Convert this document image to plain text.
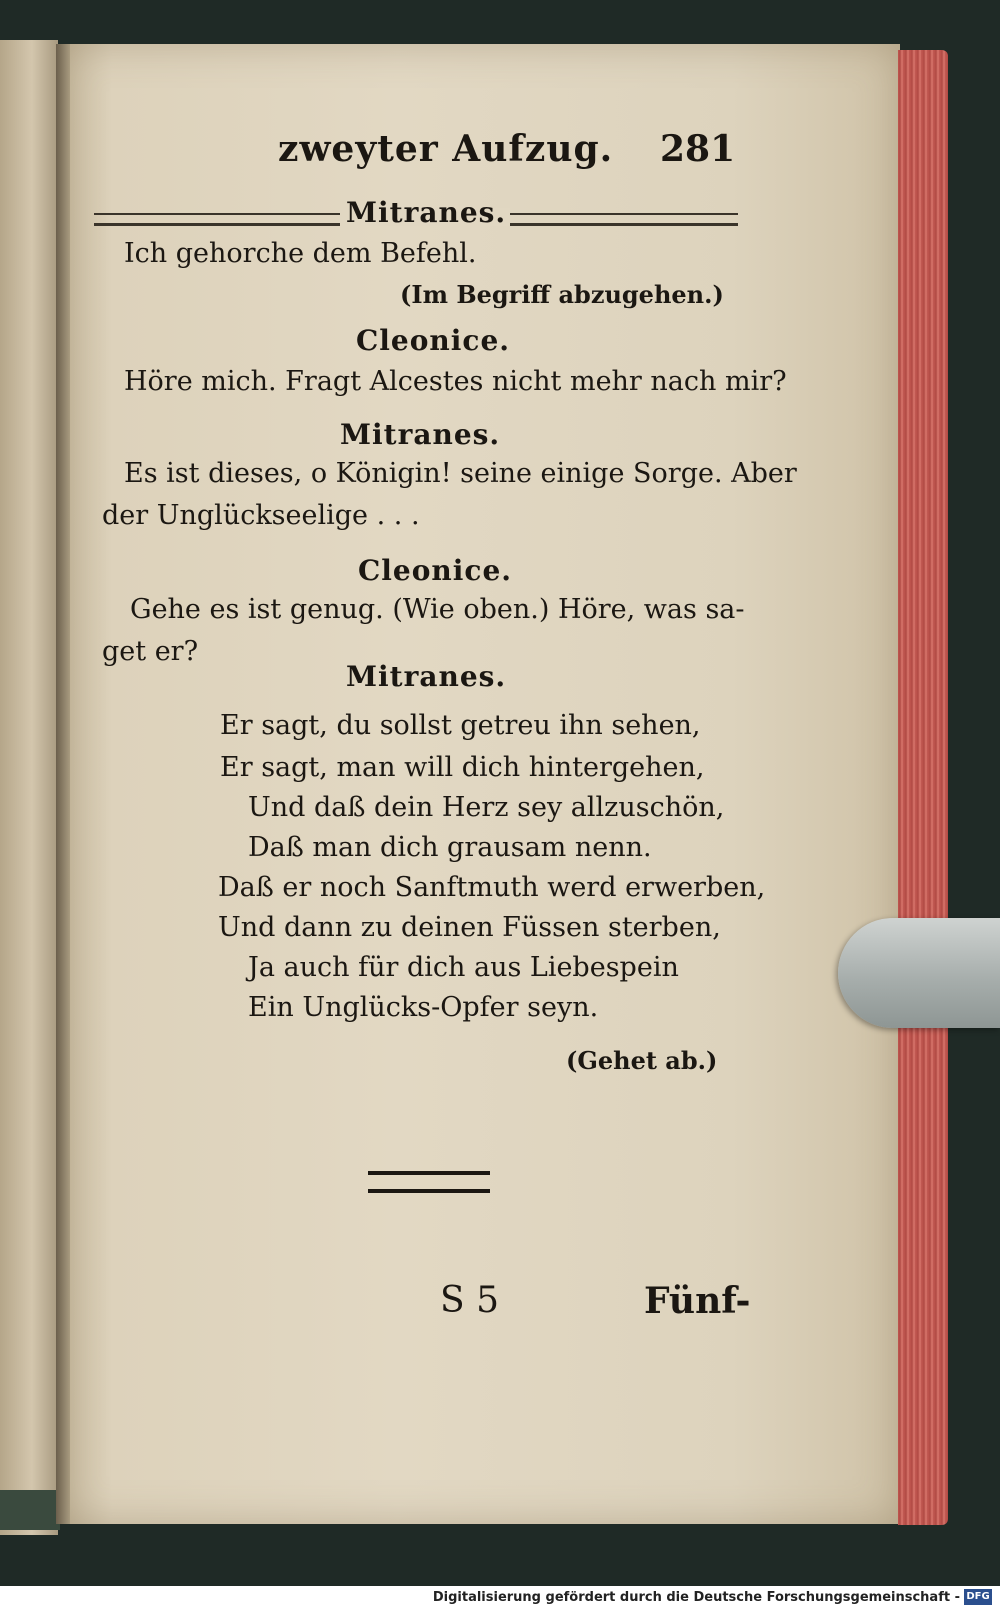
zweyter Aufzug. 281
Mitranes.
Ich gehorche dem Befehl.
(Im Begriff abzugehen.)
Cleonice.
Höre mich. Fragt Alcestes nicht mehr nach mir?
Mitranes.
Es ist dieses, o Königin! seine einige Sorge. Aber
der Unglückseelige . . .
Cleonice.
Gehe es ist genug. (Wie oben.) Höre, was sa-
get er?
Mitranes.
Er sagt, du sollst getreu ihn sehen,
Er sagt, man will dich hintergehen,
Und daß dein Herz sey allzuschön,
Daß man dich grausam nenn.
Daß er noch Sanftmuth werd erwerben,
Und dann zu deinen Füssen sterben,
Ja auch für dich aus Liebespein
Ein Unglücks-Opfer seyn.
(Gehet ab.)
S 5	Fünf-
Digitalisierung gefördert durch die Deutsche Forschungsgemeinschaft - DFG
